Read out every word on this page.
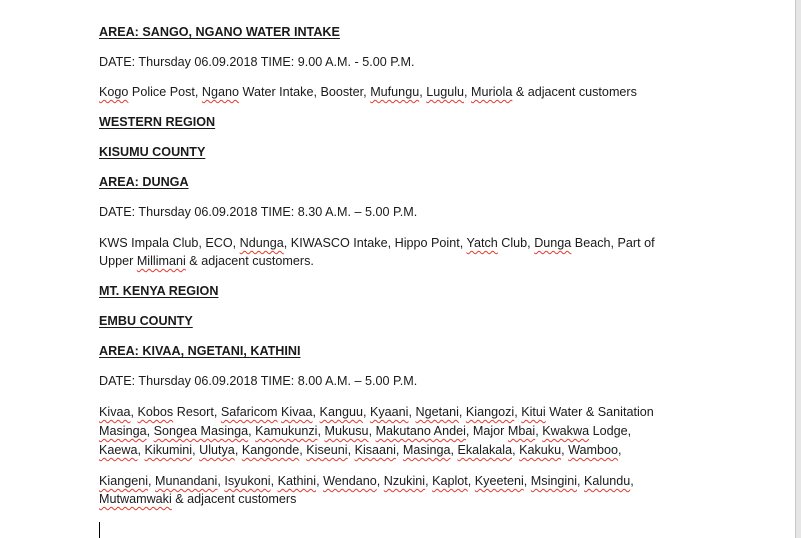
AREA: SANGO, NGANO WATER INTAKE
DATE: Thursday 06.09.2018 TIME: 9.00 A.M. - 5.00 P.M.
Kogo Police Post, Ngano Water Intake, Booster, Mufungu, Lugulu, Muriola & adjacent customers
WESTERN REGION
KISUMU COUNTY
AREA: DUNGA
DATE: Thursday 06.09.2018 TIME: 8.30 A.M. – 5.00 P.M.
KWS Impala Club, ECO, Ndunga, KIWASCO Intake, Hippo Point, Yatch Club, Dunga Beach, Part of
Upper Millimani & adjacent customers.
MT. KENYA REGION
EMBU COUNTY
AREA: KIVAA, NGETANI, KATHINI
DATE: Thursday 06.09.2018 TIME: 8.00 A.M. – 5.00 P.M.
Kivaa, Kobos Resort, Safaricom Kivaa, Kanguu, Kyaani, Ngetani, Kiangozi, Kitui Water & Sanitation
Masinga, Songea Masinga, Kamukunzi, Mukusu, Makutano Andei, Major Mbai, Kwakwa Lodge,
Kaewa, Kikumini, Ulutya, Kangonde, Kiseuni, Kisaani, Masinga, Ekalakala, Kakuku, Wamboo,
Kiangeni, Munandani, Isyukoni, Kathini, Wendano, Nzukini, Kaplot, Kyeeteni, Msingini, Kalundu,
Mutwamwaki & adjacent customers
